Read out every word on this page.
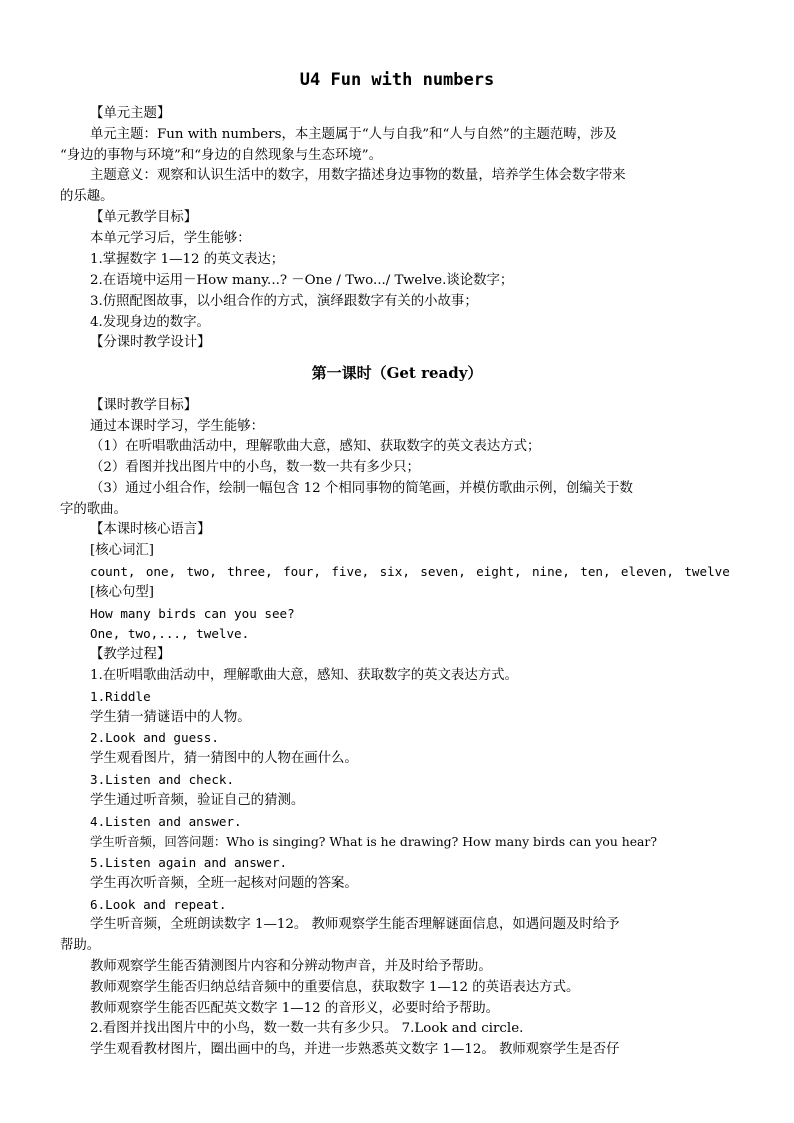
U4 Fun with numbers
【单元主题】
单元主题：Fun with numbers，本主题属于“人与自我”和“人与自然”的主题范畴，涉及
“身边的事物与环境”和“身边的自然现象与生态环境”。
主题意义：观察和认识生活中的数字，用数字描述身边事物的数量，培养学生体会数字带来
的乐趣。
【单元教学目标】
本单元学习后，学生能够：
1.掌握数字 1—12 的英文表达；
2.在语境中运用－How many...? －One / Two.../ Twelve.谈论数字；
3.仿照配图故事，以小组合作的方式，演绎跟数字有关的小故事；
4.发现身边的数字。
【分课时教学设计】
第一课时（Get ready）
【课时教学目标】
通过本课时学习，学生能够：
（1）在听唱歌曲活动中，理解歌曲大意，感知、获取数字的英文表达方式；
（2）看图并找出图片中的小鸟，数一数一共有多少只；
（3）通过小组合作，绘制一幅包含 12 个相同事物的简笔画，并模仿歌曲示例，创编关于数
字的歌曲。
【本课时核心语言】
[核心词汇]
count, one, two, three, four, five, six, seven, eight, nine, ten, eleven, twelve
[核心句型]
How many birds can you see?
One, two,..., twelve.
【教学过程】
1.在听唱歌曲活动中，理解歌曲大意，感知、获取数字的英文表达方式。
1.Riddle
学生猜一猜谜语中的人物。
2.Look and guess.
学生观看图片，猜一猜图中的人物在画什么。
3.Listen and check.
学生通过听音频，验证自己的猜测。
4.Listen and answer.
学生听音频，回答问题：Who is singing? What is he drawing? How many birds can you hear?
5.Listen again and answer.
学生再次听音频，全班一起核对问题的答案。
6.Look and repeat.
学生听音频，全班朗读数字 1—12。 教师观察学生能否理解谜面信息，如遇问题及时给予
帮助。
教师观察学生能否猜测图片内容和分辨动物声音，并及时给予帮助。
教师观察学生能否归纳总结音频中的重要信息，获取数字 1—12 的英语表达方式。
教师观察学生能否匹配英文数字 1—12 的音形义，必要时给予帮助。
2.看图并找出图片中的小鸟，数一数一共有多少只。 7.Look and circle.
学生观看教材图片，圈出画中的鸟，并进一步熟悉英文数字 1—12。 教师观察学生是否仔
